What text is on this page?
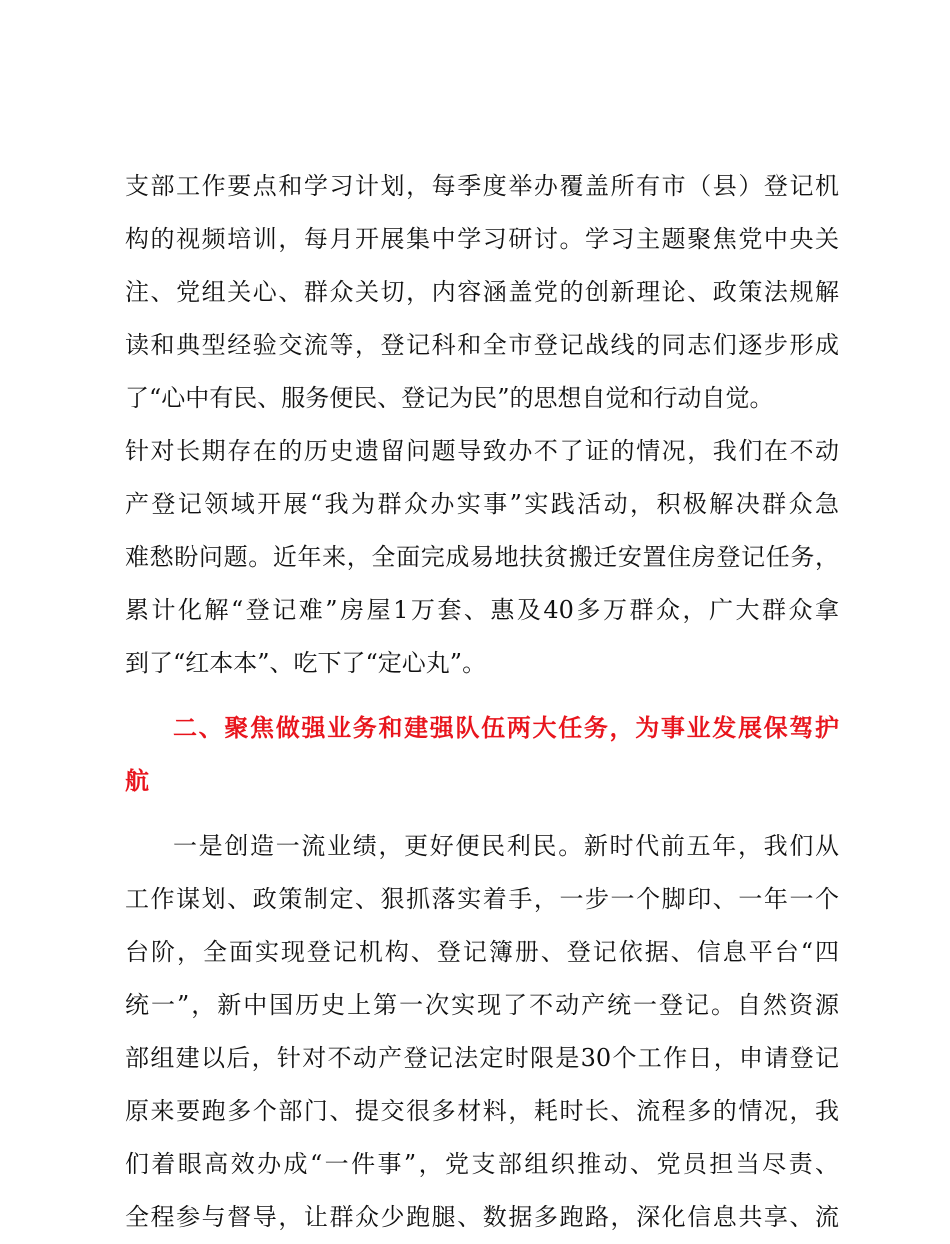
支部工作要点和学习计划，每季度举办覆盖所有市（县）登记机
构的视频培训，每月开展集中学习研讨。学习主题聚焦党中央关
注、党组关心、群众关切，内容涵盖党的创新理论、政策法规解
读和典型经验交流等，登记科和全市登记战线的同志们逐步形成
了“心中有民、服务便民、登记为民”的思想自觉和行动自觉。
针对长期存在的历史遗留问题导致办不了证的情况，我们在不动
产登记领域开展“我为群众办实事”实践活动，积极解决群众急
难愁盼问题。近年来，全面完成易地扶贫搬迁安置住房登记任务，
累计化解“登记难”房屋1万套、惠及40多万群众，广大群众拿
到了“红本本”、吃下了“定心丸”。
二、聚焦做强业务和建强队伍两大任务，为事业发展保驾护
航
一是创造一流业绩，更好便民利民。新时代前五年，我们从
工作谋划、政策制定、狠抓落实着手，一步一个脚印、一年一个
台阶，全面实现登记机构、登记簿册、登记依据、信息平台“四
统一”，新中国历史上第一次实现了不动产统一登记。自然资源
部组建以后，针对不动产登记法定时限是30个工作日，申请登记
原来要跑多个部门、提交很多材料，耗时长、流程多的情况，我
们着眼高效办成“一件事”，党支部组织推动、党员担当尽责、
全程参与督导，让群众少跑腿、数据多跑路，深化信息共享、流
